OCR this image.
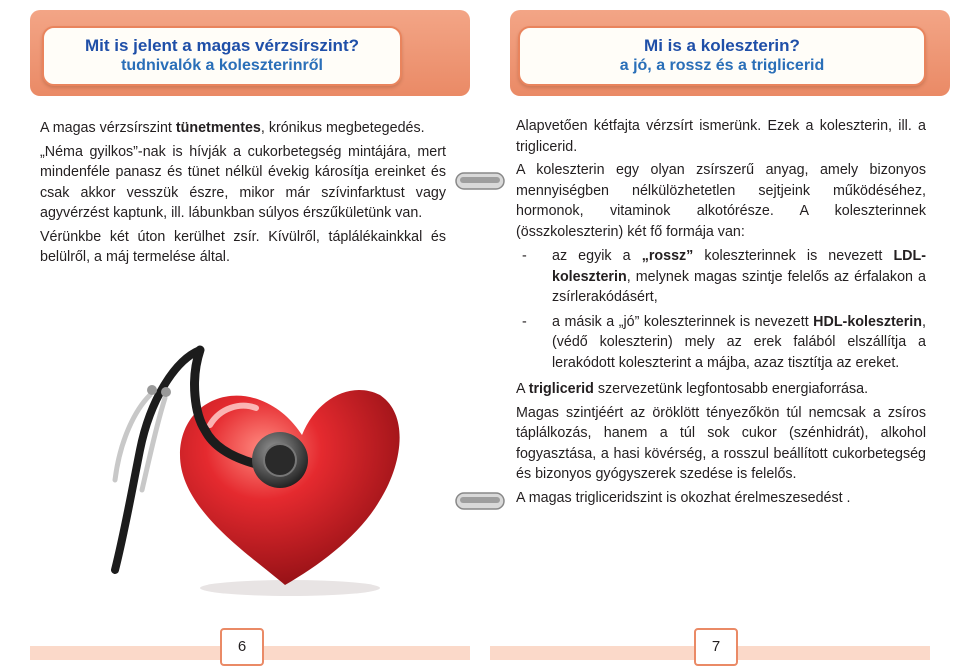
Mit is jelent a magas vérzsírszint?
tudnivalók a koleszterinről

A magas vérzsírszint tünetmentes, krónikus megbetegedés.

„Néma gyilkos”-nak is hívják a cukorbetegség mintájára, mert mindenféle panasz és tünet nélkül évekig károsítja ereinket és csak akkor vesszük észre, mikor már szívinfarktust vagy agyvérzést kaptunk, ill. lábunkban súlyos érszűkületünk van.

Vérünkbe két úton kerülhet zsír. Kívülről, táplálékainkkal és belülről, a máj termelése által.

6
Mi is a koleszterin?
a jó, a rossz és a triglicerid

Alapvetően kétfajta vérzsírt ismerünk. Ezek a koleszterin, ill. a triglicerid.

A koleszterin egy olyan zsírszerű anyag, amely bizonyos mennyiségben nélkülözhetetlen sejtjeink működéséhez, hormonok, vitaminok alkotórésze. A koleszterinnek (összkoleszterin) két fő formája van:

- az egyik a „rossz” koleszterinnek is nevezett LDL-koleszterin, melynek magas szintje felelős az érfalakon a zsírlerakódásért,
- a másik a „jó” koleszterinnek is nevezett HDL-koleszterin, (védő koleszterin) mely az erek falából elszállítja a lerakódott koleszterint a májba, azaz tisztítja az ereket.

A triglicerid szervezetünk legfontosabb energiaforrása.

Magas szintjéért az öröklött tényezőkön túl nemcsak a zsíros táplálkozás, hanem a túl sok cukor (szénhidrát), alkohol fogyasztása, a hasi kövérség, a rosszul beállított cukorbetegség és bizonyos gyógyszerek szedése is felelős.

A magas trigliceridszint is okozhat érelmeszesedést .

7
